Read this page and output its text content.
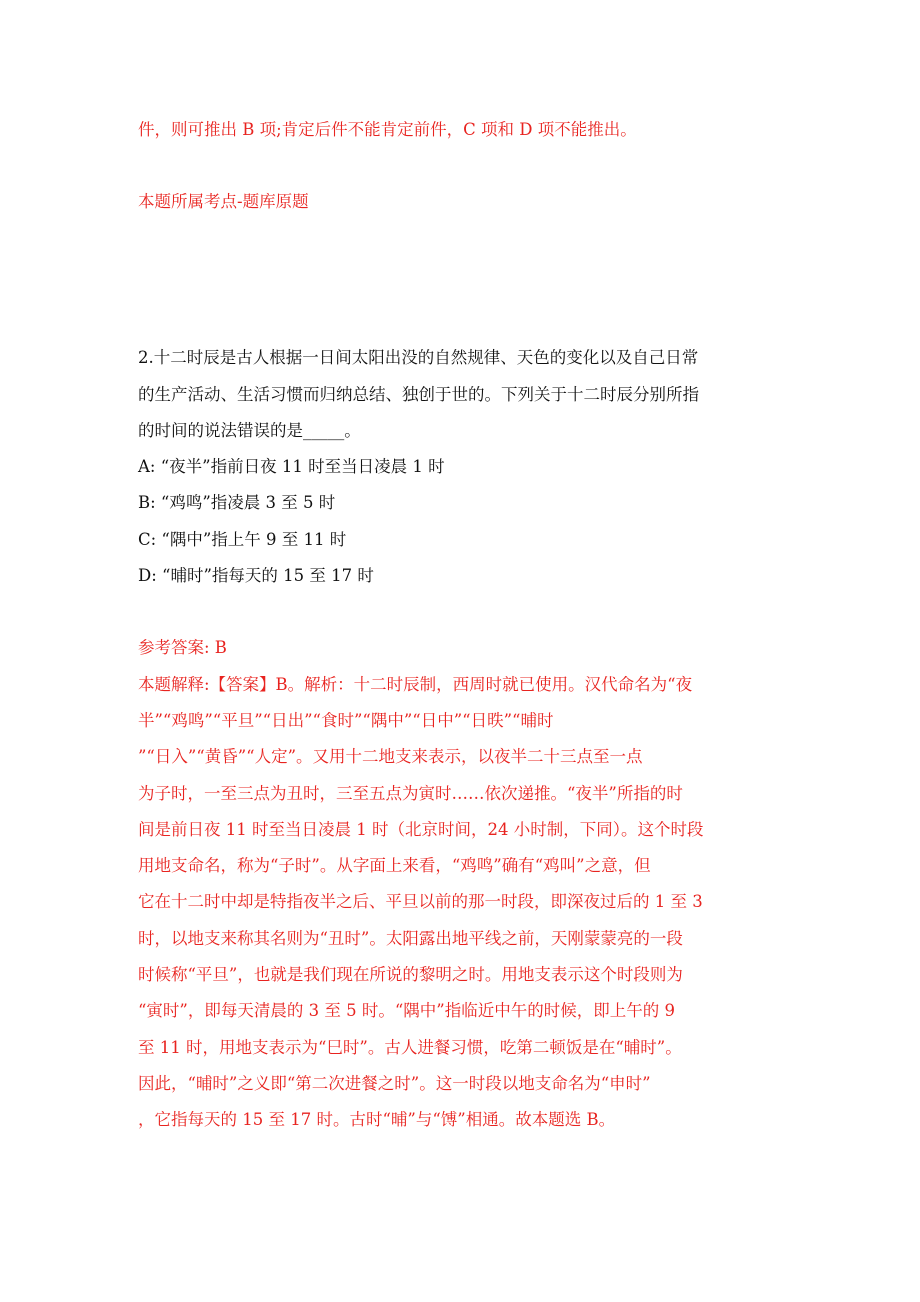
件，则可推出 B 项;肯定后件不能肯定前件，C 项和 D 项不能推出。

本题所属考点-题库原题

2.十二时辰是古人根据一日间太阳出没的自然规律、天色的变化以及自己日常

的生产活动、生活习惯而归纳总结、独创于世的。下列关于十二时辰分别所指

的时间的说法错误的是_____。

A: “夜半”指前日夜 11 时至当日凌晨 1 时

B: “鸡鸣”指凌晨 3 至 5 时

C: “隅中”指上午 9 至 11 时

D: “晡时”指每天的 15 至 17 时

参考答案: B

本题解释:【答案】B。解析：十二时辰制，西周时就已使用。汉代命名为“夜

半”“鸡鸣”“平旦”“日出”“食时”“隅中”“日中”“日昳”“晡时

”“日入”“黄昏”“人定”。又用十二地支来表示，以夜半二十三点至一点

为子时，一至三点为丑时，三至五点为寅时……依次递推。“夜半”所指的时

间是前日夜 11 时至当日凌晨 1 时（北京时间，24 小时制，下同）。这个时段

用地支命名，称为“子时”。从字面上来看，“鸡鸣”确有“鸡叫”之意，但

它在十二时中却是特指夜半之后、平旦以前的那一时段，即深夜过后的 1 至 3

时，以地支来称其名则为“丑时”。太阳露出地平线之前，天刚蒙蒙亮的一段

时候称“平旦”，也就是我们现在所说的黎明之时。用地支表示这个时段则为

“寅时”，即每天清晨的 3 至 5 时。“隅中”指临近中午的时候，即上午的 9

至 11 时，用地支表示为“巳时”。古人进餐习惯，吃第二顿饭是在“晡时”。

因此，“晡时”之义即“第二次进餐之时”。这一时段以地支命名为“申时”

，它指每天的 15 至 17 时。古时“晡”与“馎”相通。故本题选 B。
